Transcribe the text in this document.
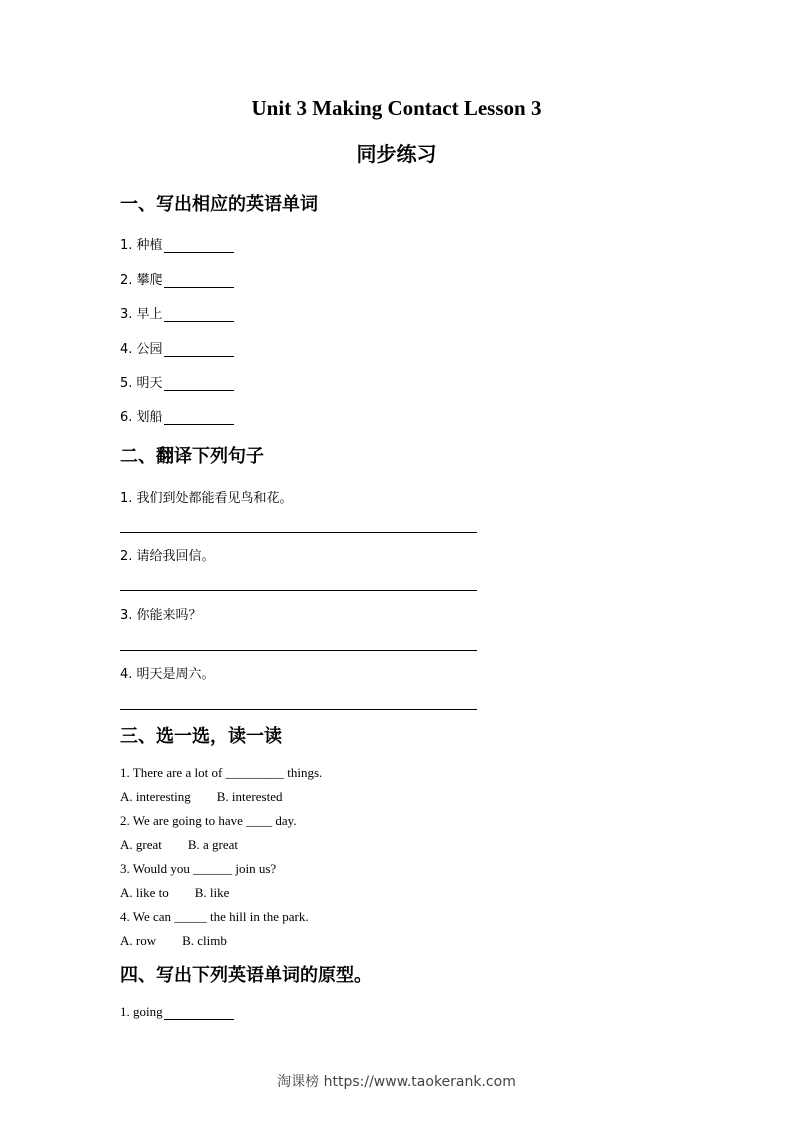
Unit 3 Making Contact Lesson 3
同步练习
一、写出相应的英语单词
1. 种植
2. 攀爬
3. 早上
4. 公园
5. 明天
6. 划船
二、翻译下列句子
1. 我们到处都能看见鸟和花。
2. 请给我回信。
3. 你能来吗？
4. 明天是周六。
三、选一选，读一读
1. There are a lot of _________ things.
A. interesting        B. interested
2. We are going to have ____ day.
A. great        B. a great
3. Would you ______ join us?
A. like to        B. like
4. We can _____ the hill in the park.
A. row        B. climb
四、写出下列英语单词的原型。
1. going
淘课榜 https://www.taokerank.com
